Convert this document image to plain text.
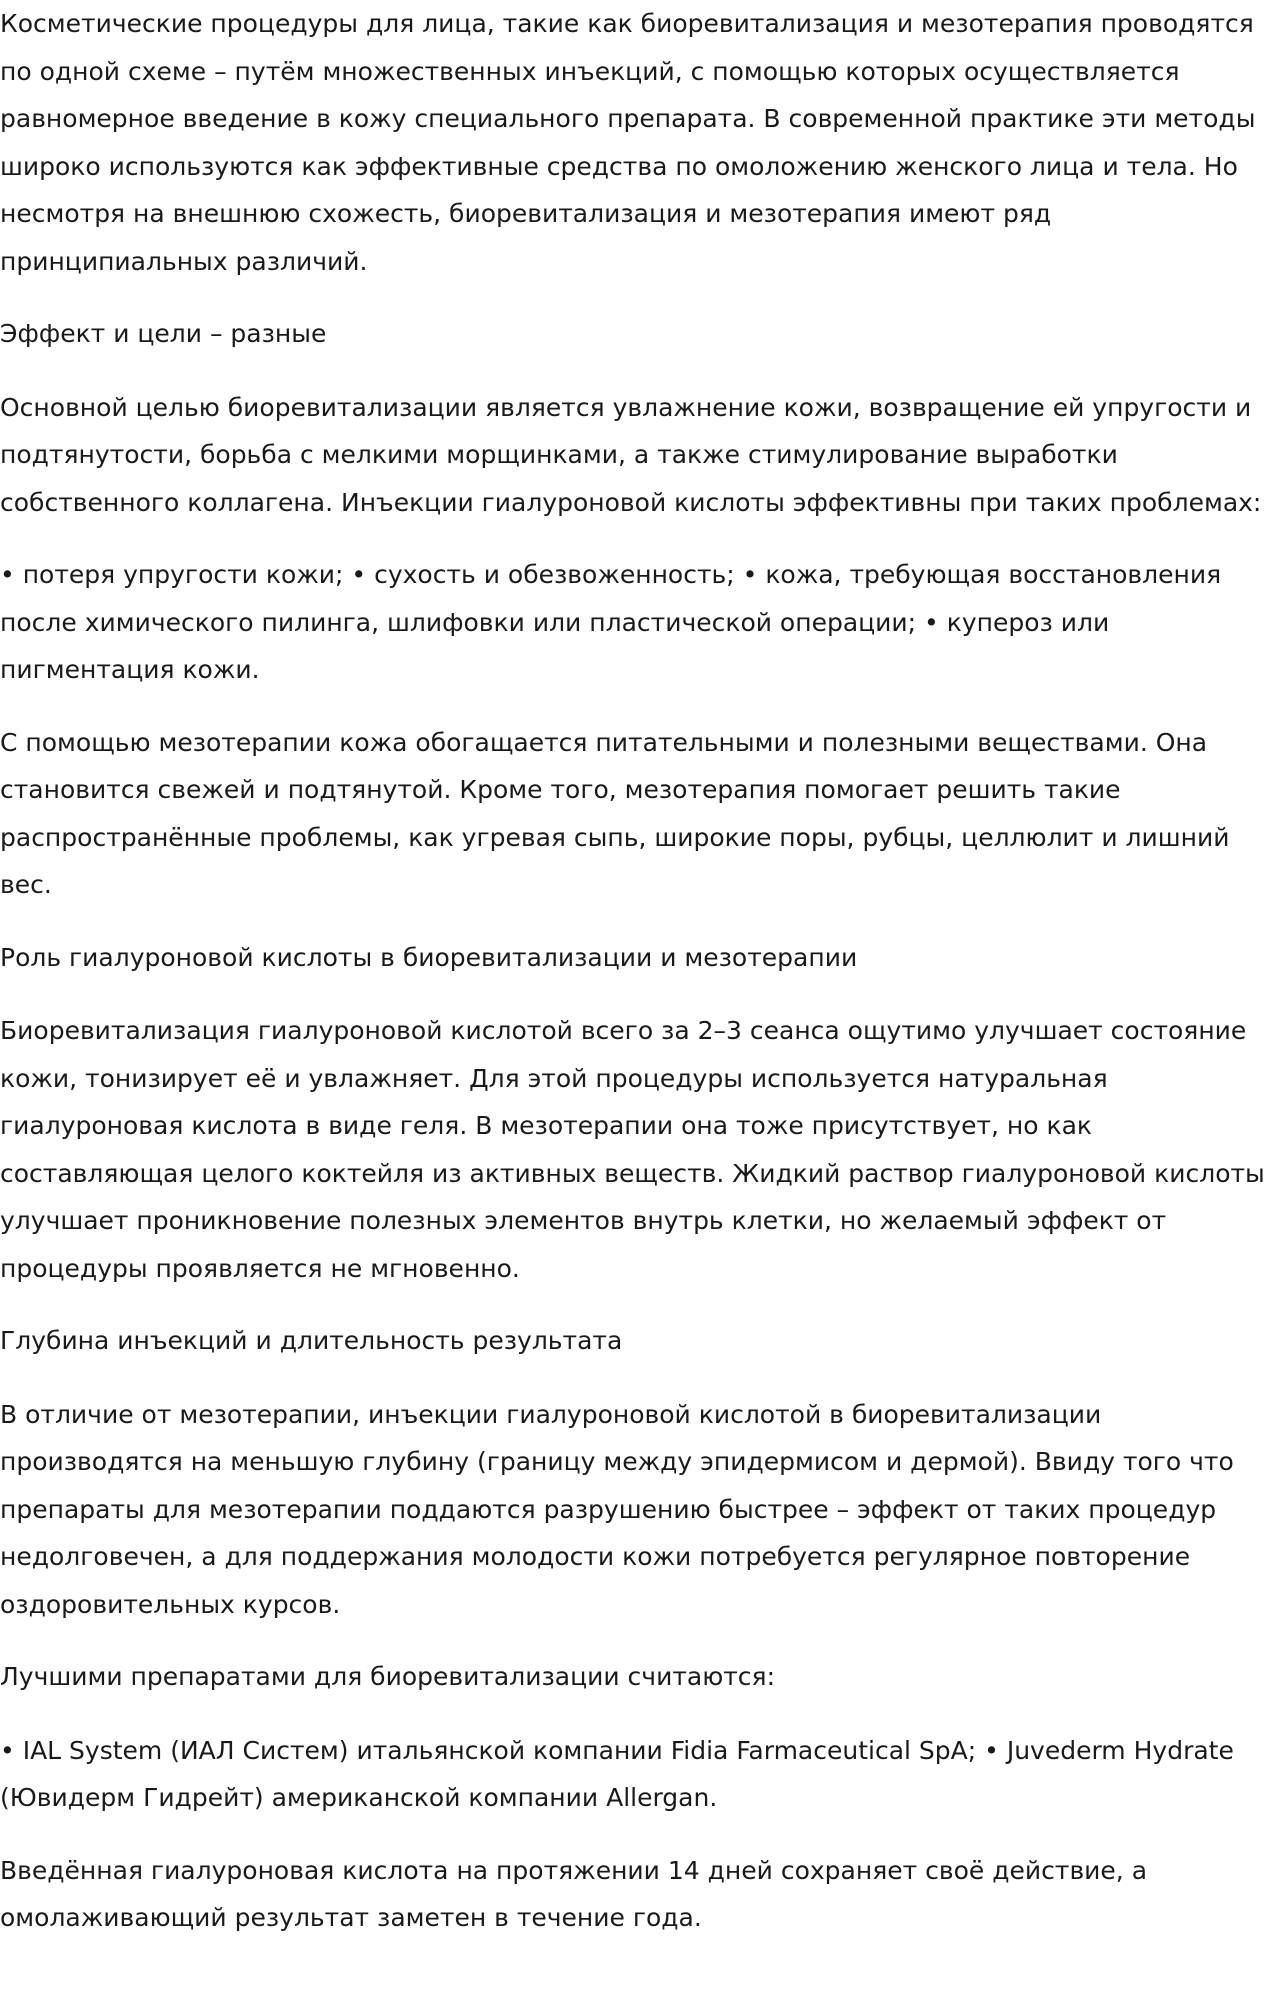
Косметические процедуры для лица, такие как биоревитализация и мезотерапия проводятся по одной схеме – путём множественных инъекций, с помощью которых осуществляется равномерное введение в кожу специального препарата. В современной практике эти методы широко используются как эффективные средства по омоложению женского лица и тела. Но несмотря на внешнюю схожесть, биоревитализация и мезотерапия имеют ряд принципиальных различий.

Эффект и цели – разные

Основной целью биоревитализации является увлажнение кожи, возвращение ей упругости и подтянутости, борьба с мелкими морщинками, а также стимулирование выработки собственного коллагена. Инъекции гиалуроновой кислоты эффективны при таких проблемах:

• потеря упругости кожи; • сухость и обезвоженность; • кожа, требующая восстановления после химического пилинга, шлифовки или пластической операции; • купероз или пигментация кожи.

С помощью мезотерапии кожа обогащается питательными и полезными веществами. Она становится свежей и подтянутой. Кроме того, мезотерапия помогает решить такие распространённые проблемы, как угревая сыпь, широкие поры, рубцы, целлюлит и лишний вес.

Роль гиалуроновой кислоты в биоревитализации и мезотерапии

Биоревитализация гиалуроновой кислотой всего за 2–3 сеанса ощутимо улучшает состояние кожи, тонизирует её и увлажняет. Для этой процедуры используется натуральная гиалуроновая кислота в виде геля. В мезотерапии она тоже присутствует, но как составляющая целого коктейля из активных веществ. Жидкий раствор гиалуроновой кислоты улучшает проникновение полезных элементов внутрь клетки, но желаемый эффект от процедуры проявляется не мгновенно.

Глубина инъекций и длительность результата

В отличие от мезотерапии, инъекции гиалуроновой кислотой в биоревитализации производятся на меньшую глубину (границу между эпидермисом и дермой). Ввиду того что препараты для мезотерапии поддаются разрушению быстрее – эффект от таких процедур недолговечен, а для поддержания молодости кожи потребуется регулярное повторение оздоровительных курсов.

Лучшими препаратами для биоревитализации считаются:

• IAL System (ИАЛ Систем) итальянской компании Fidia Farmaceutical SpA; • Juvederm Hydrate (Ювидерм Гидрейт) американской компании Allergan.

Введённая гиалуроновая кислота на протяжении 14 дней сохраняет своё действие, а омолаживающий результат заметен в течение года.
